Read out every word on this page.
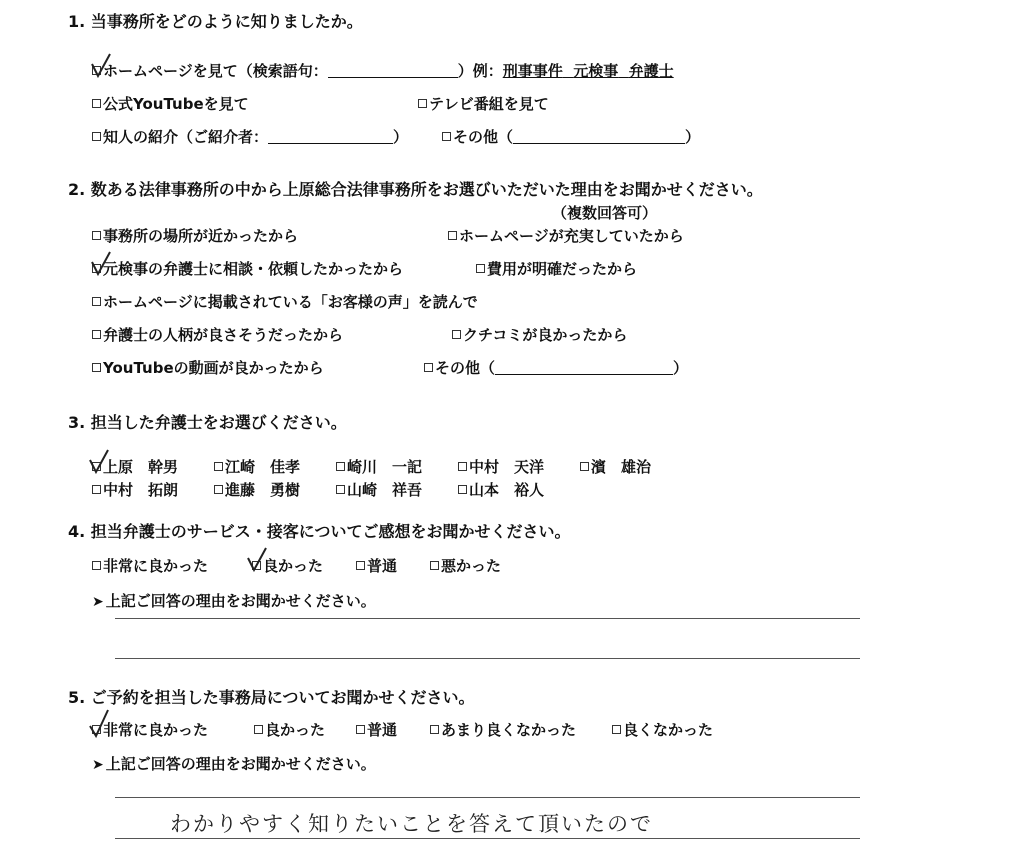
1. 当事務所をどのように知りましたか。
ホームページを見て（検索語句：	）例：刑事事件 元検事 弁護士
公式YouTubeを見て	テレビ番組を見て
知人の紹介（ご紹介者：	）	その他（	）
2. 数ある法律事務所の中から上原総合法律事務所をお選びいただいた理由をお聞かせください。
（複数回答可）
事務所の場所が近かったから	ホームページが充実していたから
元検事の弁護士に相談・依頼したかったから	費用が明確だったから
ホームページに掲載されている「お客様の声」を読んで
弁護士の人柄が良さそうだったから	クチコミが良かったから
YouTubeの動画が良かったから	その他（	）
3. 担当した弁護士をお選びください。
上原　幹男	江崎　佳孝	崎川　一記	中村　天洋	濱　雄治
中村　拓朗	進藤　勇樹	山崎　祥吾	山本　裕人
4. 担当弁護士のサービス・接客についてご感想をお聞かせください。
非常に良かった	良かった	普通	悪かった
➤ 上記ご回答の理由をお聞かせください。
5. ご予約を担当した事務局についてお聞かせください。
非常に良かった	良かった	普通	あまり良くなかった	良くなかった
➤ 上記ご回答の理由をお聞かせください。
わかりやすく知りたいことを答えて頂いたので
